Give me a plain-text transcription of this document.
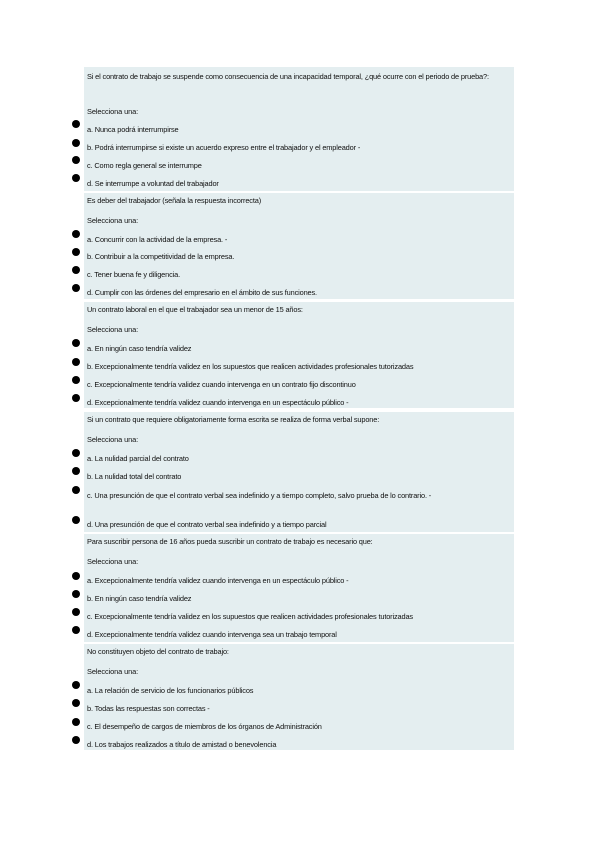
Si el contrato de trabajo se suspende como consecuencia de una incapacidad temporal, ¿qué ocurre con el periodo de prueba?:
Selecciona una:
a. Nunca podrá interrumpirse
b. Podrá interrumpirse si existe un acuerdo expreso entre el trabajador y el empleador -
c. Como regla general se interrumpe
d. Se interrumpe a voluntad del trabajador
Es deber del trabajador (señala la respuesta incorrecta)
Selecciona una:
a. Concurrir con la actividad de la empresa. -
b. Contribuir a la competitividad de la empresa.
c. Tener buena fe y diligencia.
d. Cumplir con las órdenes del empresario en el ámbito de sus funciones.
Un contrato laboral en el que el trabajador sea un menor de 15 años:
Selecciona una:
a. En ningún caso tendría validez
b. Excepcionalmente tendría validez en los supuestos que realicen actividades profesionales tutorizadas
c. Excepcionalmente tendría validez cuando intervenga en un contrato fijo discontinuo
d. Excepcionalmente tendría validez cuando intervenga en un espectáculo público -
Si un contrato que requiere obligatoriamente forma escrita se realiza de forma verbal supone:
Selecciona una:
a. La nulidad parcial del contrato
b. La nulidad total del contrato
c. Una presunción de que el contrato verbal sea indefinido y a tiempo completo, salvo prueba de lo contrario. -
d. Una presunción de que el contrato verbal sea indefinido y a tiempo parcial
Para suscribir persona de 16 años pueda suscribir un contrato de trabajo es necesario que:
Selecciona una:
a. Excepcionalmente tendría validez cuando intervenga en un espectáculo público -
b. En ningún caso tendría validez
c. Excepcionalmente tendría validez en los supuestos que realicen actividades profesionales tutorizadas
d. Excepcionalmente tendría validez cuando intervenga sea un trabajo temporal
No constituyen objeto del contrato de trabajo:
Selecciona una:
a. La relación de servicio de los funcionarios públicos
b. Todas las respuestas son correctas -
c. El desempeño de cargos de miembros de los órganos de Administración
d. Los trabajos realizados a título de amistad o benevolencia
